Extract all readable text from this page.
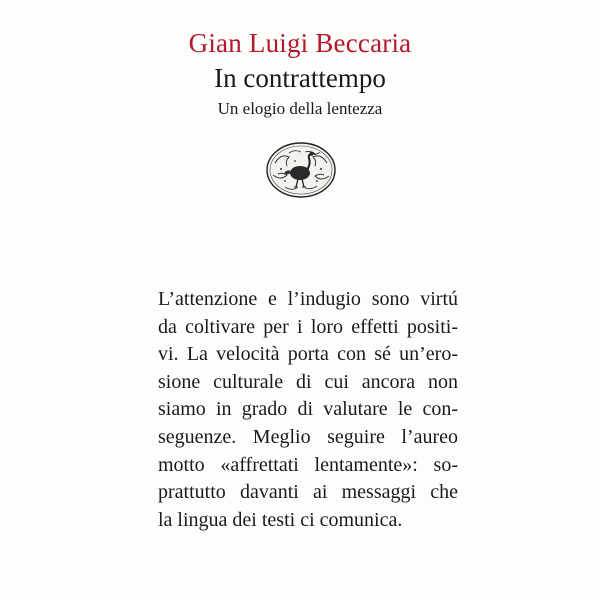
Gian Luigi Beccaria
In contrattempo
Un elogio della lentezza
L’attenzione e l’indugio sono virtú
da coltivare per i loro effetti positi-
vi. La velocità porta con sé un’ero-
sione culturale di cui ancora non
siamo in grado di valutare le con-
seguenze. Meglio seguire l’aureo
motto «affrettati lentamente»: so-
prattutto davanti ai messaggi che
la lingua dei testi ci comunica.
